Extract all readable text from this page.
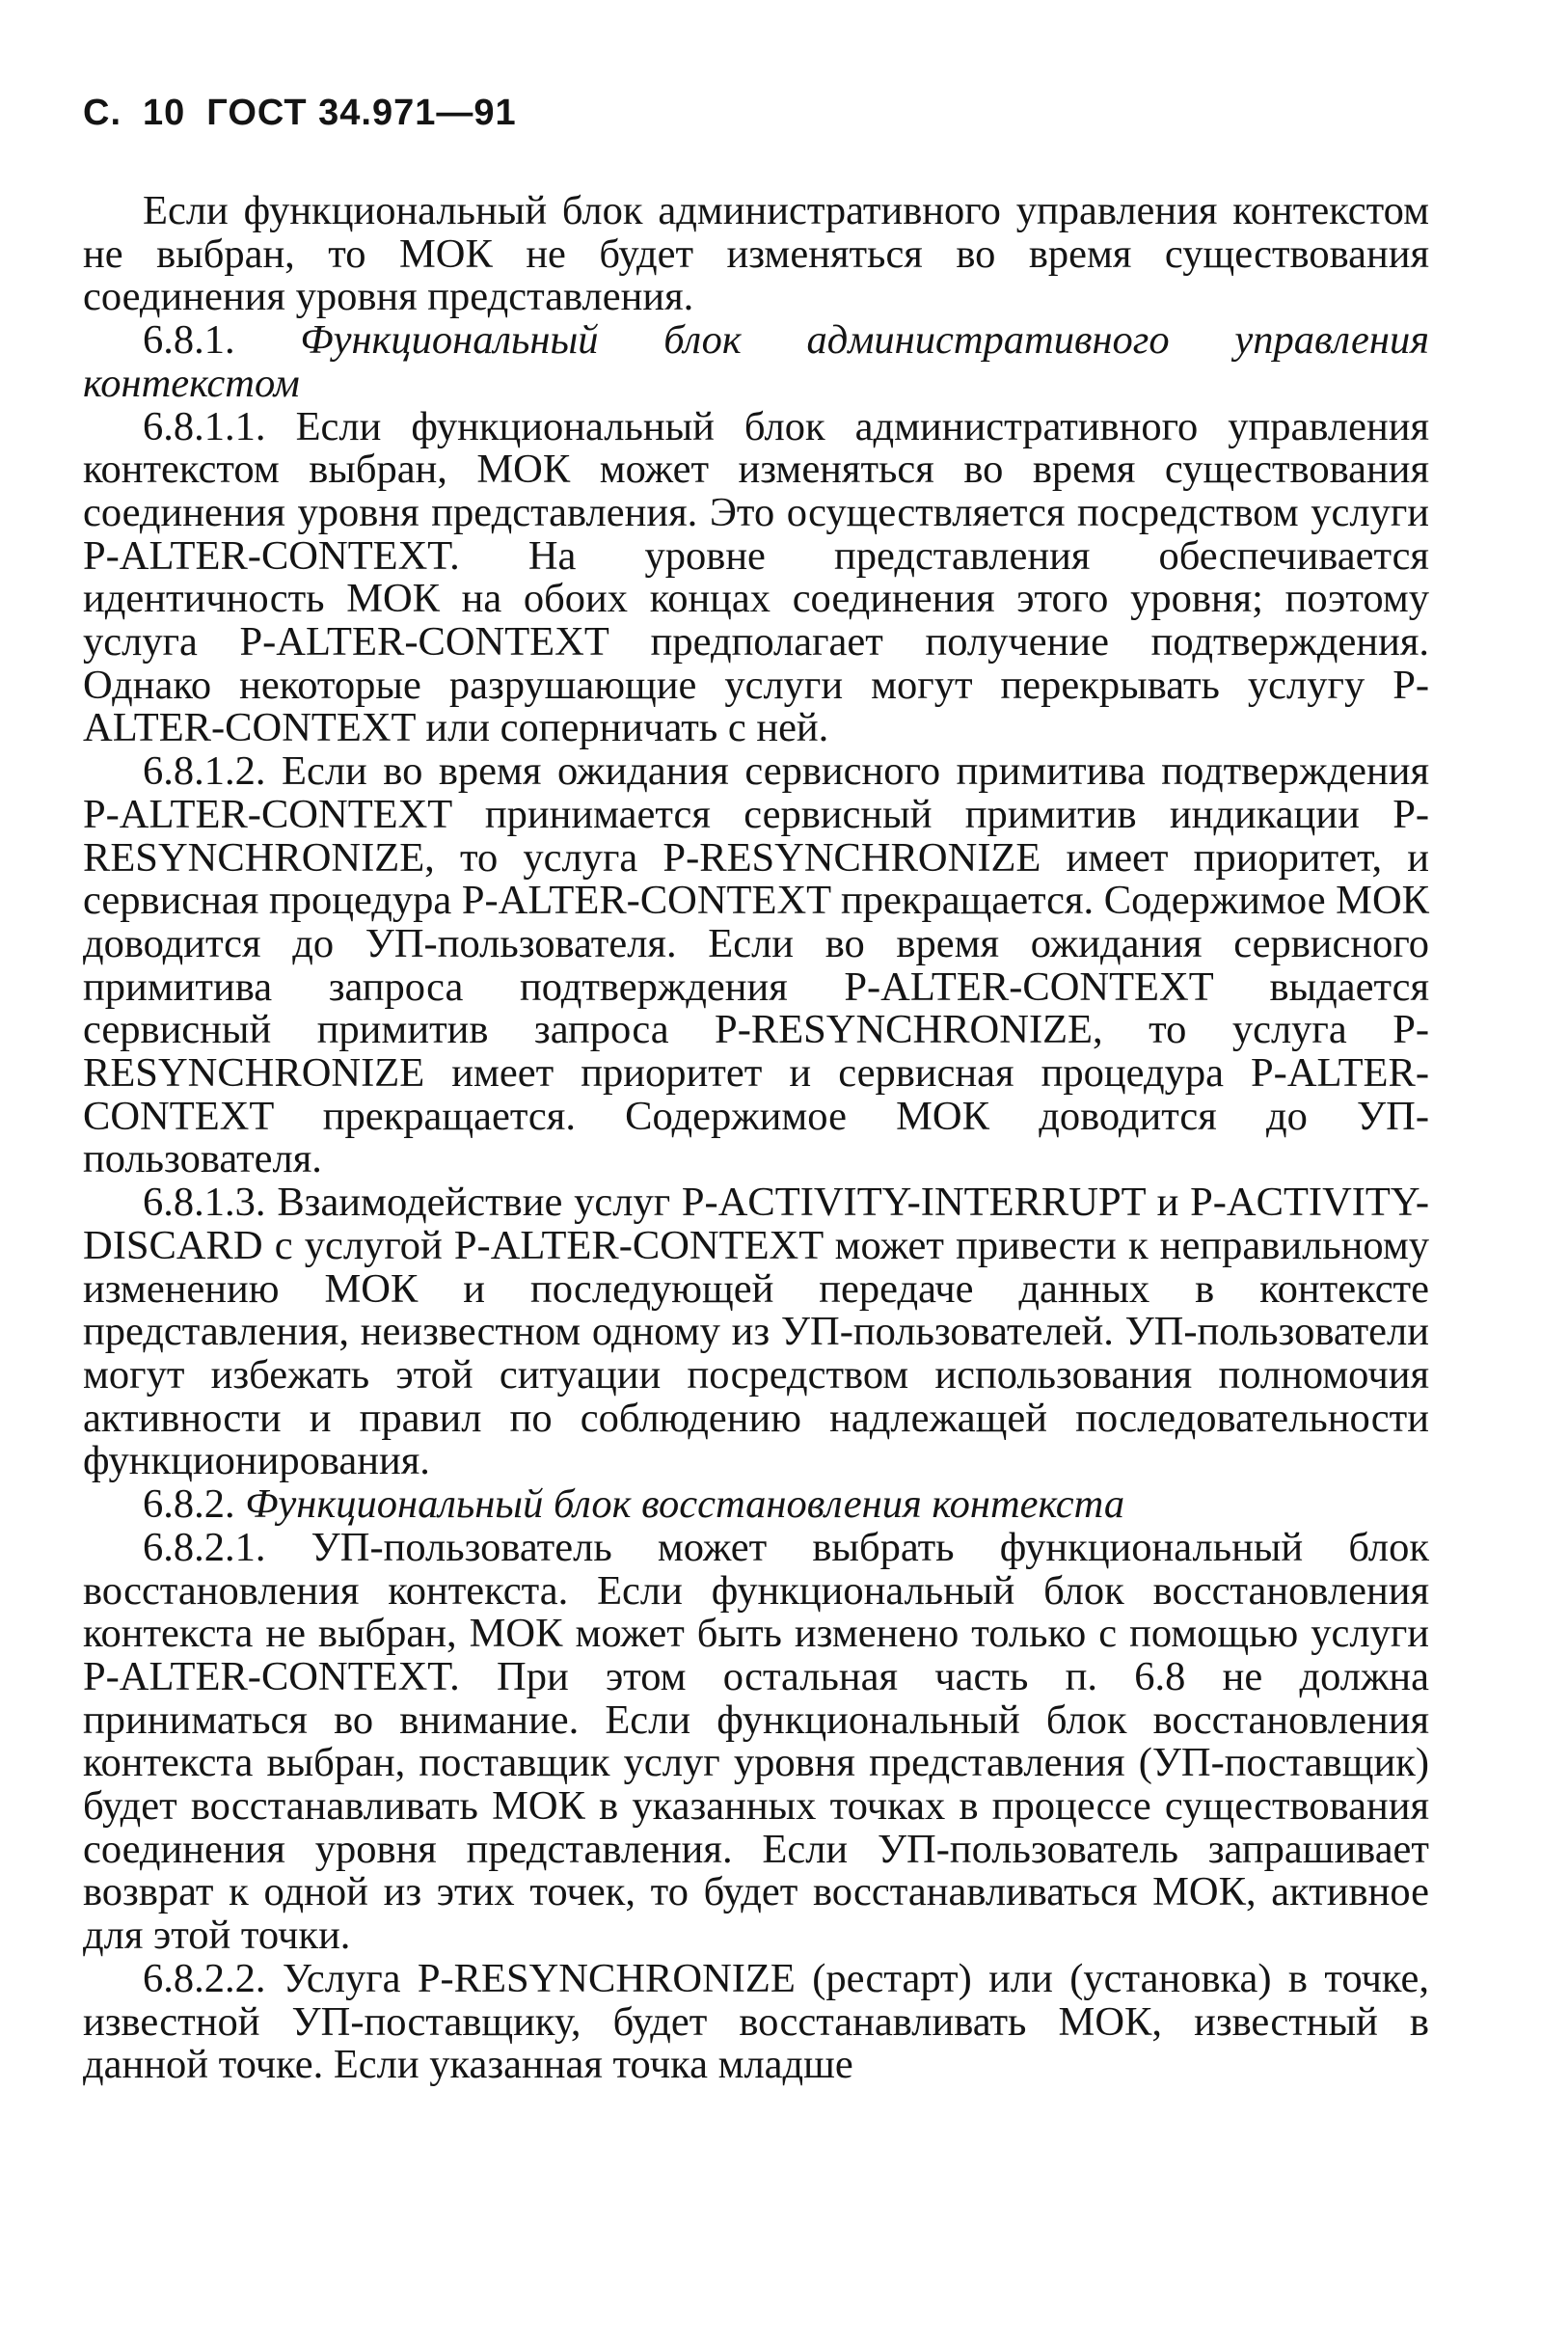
С. 10 ГОСТ 34.971—91

Если функциональный блок административного управления контекстом не выбран, то МОК не будет изменяться во время существования соединения уровня представления.

6.8.1. Функциональный блок административного управления контекстом

6.8.1.1. Если функциональный блок административного управления контекстом выбран, МОК может изменяться во время существования соединения уровня представления. Это осуществляется посредством услуги P-ALTER-CONTEXT. На уровне представления обеспечивается идентичность МОК на обоих концах соединения этого уровня; поэтому услуга P-ALTER-CONTEXT предполагает получение подтверждения. Однако некоторые разрушающие услуги могут перекрывать услугу P-ALTER-CONTEXT или соперничать с ней.

6.8.1.2. Если во время ожидания сервисного примитива подтверждения P-ALTER-CONTEXT принимается сервисный примитив индикации P-RESYNCHRONIZE, то услуга P-RESYNCHRONIZE имеет приоритет, и сервисная процедура P-ALTER-CONTEXT прекращается. Содержимое МОК доводится до УП-пользователя. Если во время ожидания сервисного примитива запроса подтверждения P-ALTER-CONTEXT выдается сервисный примитив запроса P-RESYNCHRONIZE, то услуга P-RESYNCHRONIZE имеет приоритет и сервисная процедура P-ALTER-CONTEXT прекращается. Содержимое МОК доводится до УП-пользователя.

6.8.1.3. Взаимодействие услуг P-ACTIVITY-INTERRUPT и P-ACTIVITY-DISCARD с услугой P-ALTER-CONTEXT может привести к неправильному изменению МОК и последующей передаче данных в контексте представления, неизвестном одному из УП-пользователей. УП-пользователи могут избежать этой ситуации посредством использования полномочия активности и правил по соблюдению надлежащей последовательности функционирования.

6.8.2. Функциональный блок восстановления контекста

6.8.2.1. УП-пользователь может выбрать функциональный блок восстановления контекста. Если функциональный блок восстановления контекста не выбран, МОК может быть изменено только с помощью услуги P-ALTER-CONTEXT. При этом остальная часть п. 6.8 не должна приниматься во внимание. Если функциональный блок восстановления контекста выбран, поставщик услуг уровня представления (УП-поставщик) будет восстанавливать МОК в указанных точках в процессе существования соединения уровня представления. Если УП-пользователь запрашивает возврат к одной из этих точек, то будет восстанавливаться МОК, активное для этой точки.

6.8.2.2. Услуга P-RESYNCHRONIZE (рестарт) или (установка) в точке, известной УП-поставщику, будет восстанавливать МОК, известный в данной точке. Если указанная точка младше
